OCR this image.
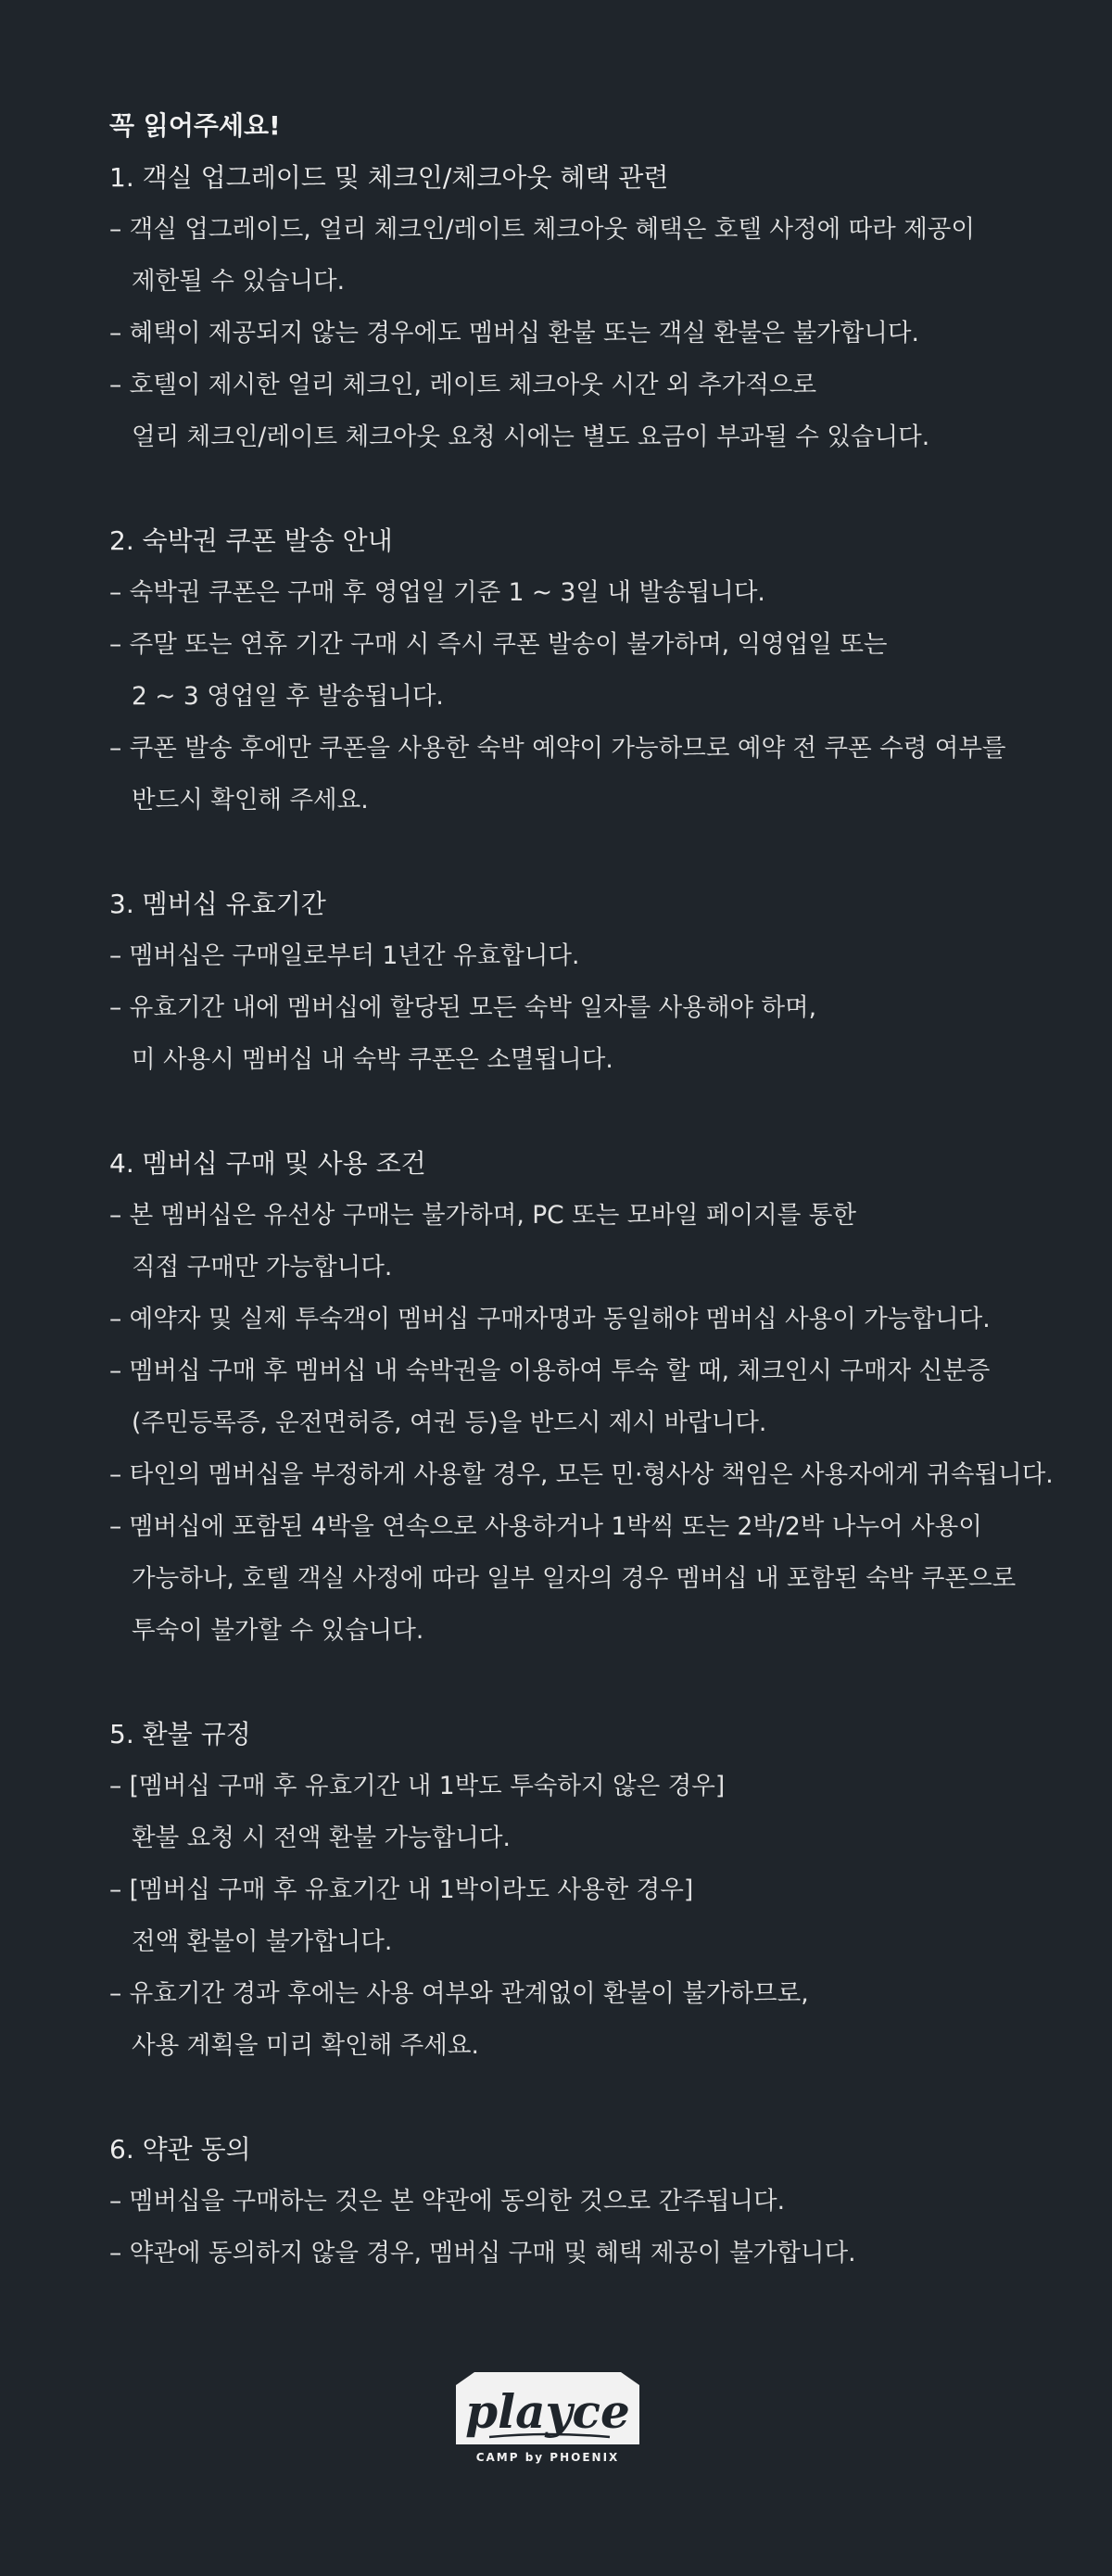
꼭 읽어주세요!
1. 객실 업그레이드 및 체크인/체크아웃 혜택 관련
– 객실 업그레이드, 얼리 체크인/레이트 체크아웃 혜택은 호텔 사정에 따라 제공이
제한될 수 있습니다.
– 혜택이 제공되지 않는 경우에도 멤버십 환불 또는 객실 환불은 불가합니다.
– 호텔이 제시한 얼리 체크인, 레이트 체크아웃 시간 외 추가적으로
얼리 체크인/레이트 체크아웃 요청 시에는 별도 요금이 부과될 수 있습니다.
2. 숙박권 쿠폰 발송 안내
– 숙박권 쿠폰은 구매 후 영업일 기준 1 ~ 3일 내 발송됩니다.
– 주말 또는 연휴 기간 구매 시 즉시 쿠폰 발송이 불가하며, 익영업일 또는
2 ~ 3 영업일 후 발송됩니다.
– 쿠폰 발송 후에만 쿠폰을 사용한 숙박 예약이 가능하므로 예약 전 쿠폰 수령 여부를
반드시 확인해 주세요.
3. 멤버십 유효기간
– 멤버십은 구매일로부터 1년간 유효합니다.
– 유효기간 내에 멤버십에 할당된 모든 숙박 일자를 사용해야 하며,
미 사용시 멤버십 내 숙박 쿠폰은 소멸됩니다.
4. 멤버십 구매 및 사용 조건
– 본 멤버십은 유선상 구매는 불가하며, PC 또는 모바일 페이지를 통한
직접 구매만 가능합니다.
– 예약자 및 실제 투숙객이 멤버십 구매자명과 동일해야 멤버십 사용이 가능합니다.
– 멤버십 구매 후 멤버십 내 숙박권을 이용하여 투숙 할 때, 체크인시 구매자 신분증
(주민등록증, 운전면허증, 여권 등)을 반드시 제시 바랍니다.
– 타인의 멤버십을 부정하게 사용할 경우, 모든 민·형사상 책임은 사용자에게 귀속됩니다.
– 멤버십에 포함된 4박을 연속으로 사용하거나 1박씩 또는 2박/2박 나누어 사용이
가능하나, 호텔 객실 사정에 따라 일부 일자의 경우 멤버십 내 포함된 숙박 쿠폰으로
투숙이 불가할 수 있습니다.
5. 환불 규정
– [멤버십 구매 후 유효기간 내 1박도 투숙하지 않은 경우]
환불 요청 시 전액 환불 가능합니다.
– [멤버십 구매 후 유효기간 내 1박이라도 사용한 경우]
전액 환불이 불가합니다.
– 유효기간 경과 후에는 사용 여부와 관계없이 환불이 불가하므로,
사용 계획을 미리 확인해 주세요.
6. 약관 동의
– 멤버십을 구매하는 것은 본 약관에 동의한 것으로 간주됩니다.
– 약관에 동의하지 않을 경우, 멤버십 구매 및 혜택 제공이 불가합니다.
playce
CAMP by PHOENIX
